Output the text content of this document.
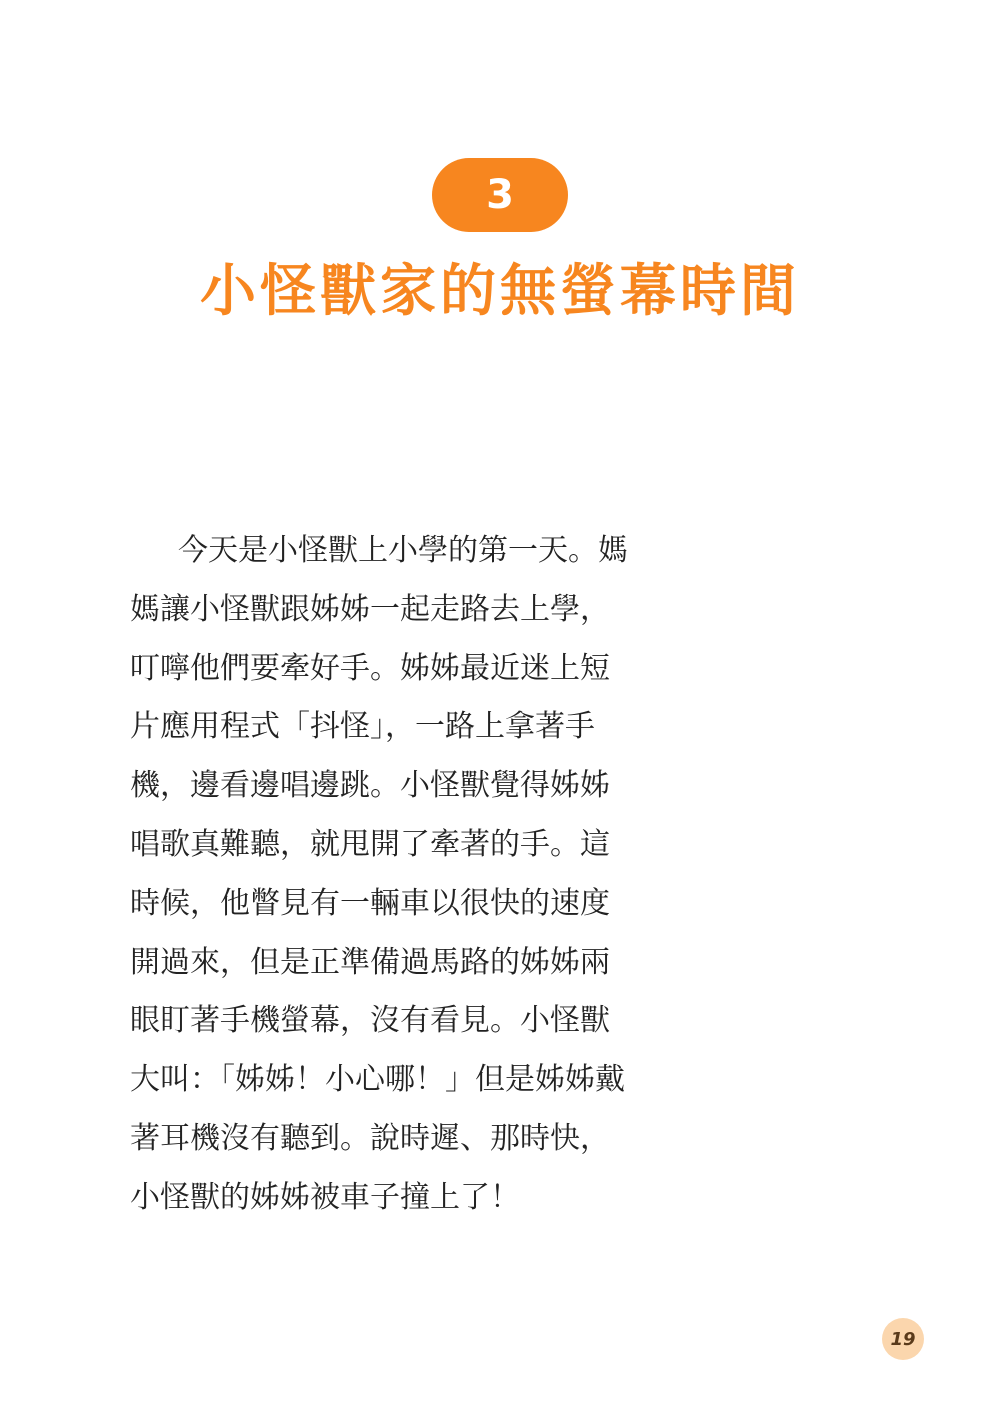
3
小怪獸家的無螢幕時間
今天是小怪獸上小學的第一天。媽
媽讓小怪獸跟姊姊一起走路去上學，
叮嚀他們要牽好手。姊姊最近迷上短
片應用程式「抖怪」，一路上拿著手
機，邊看邊唱邊跳。小怪獸覺得姊姊
唱歌真難聽，就甩開了牽著的手。這
時候，他瞥見有一輛車以很快的速度
開過來，但是正準備過馬路的姊姊兩
眼盯著手機螢幕，沒有看見。小怪獸
大叫：「姊姊！小心哪！」但是姊姊戴
著耳機沒有聽到。說時遲、那時快，
小怪獸的姊姊被車子撞上了！
19
